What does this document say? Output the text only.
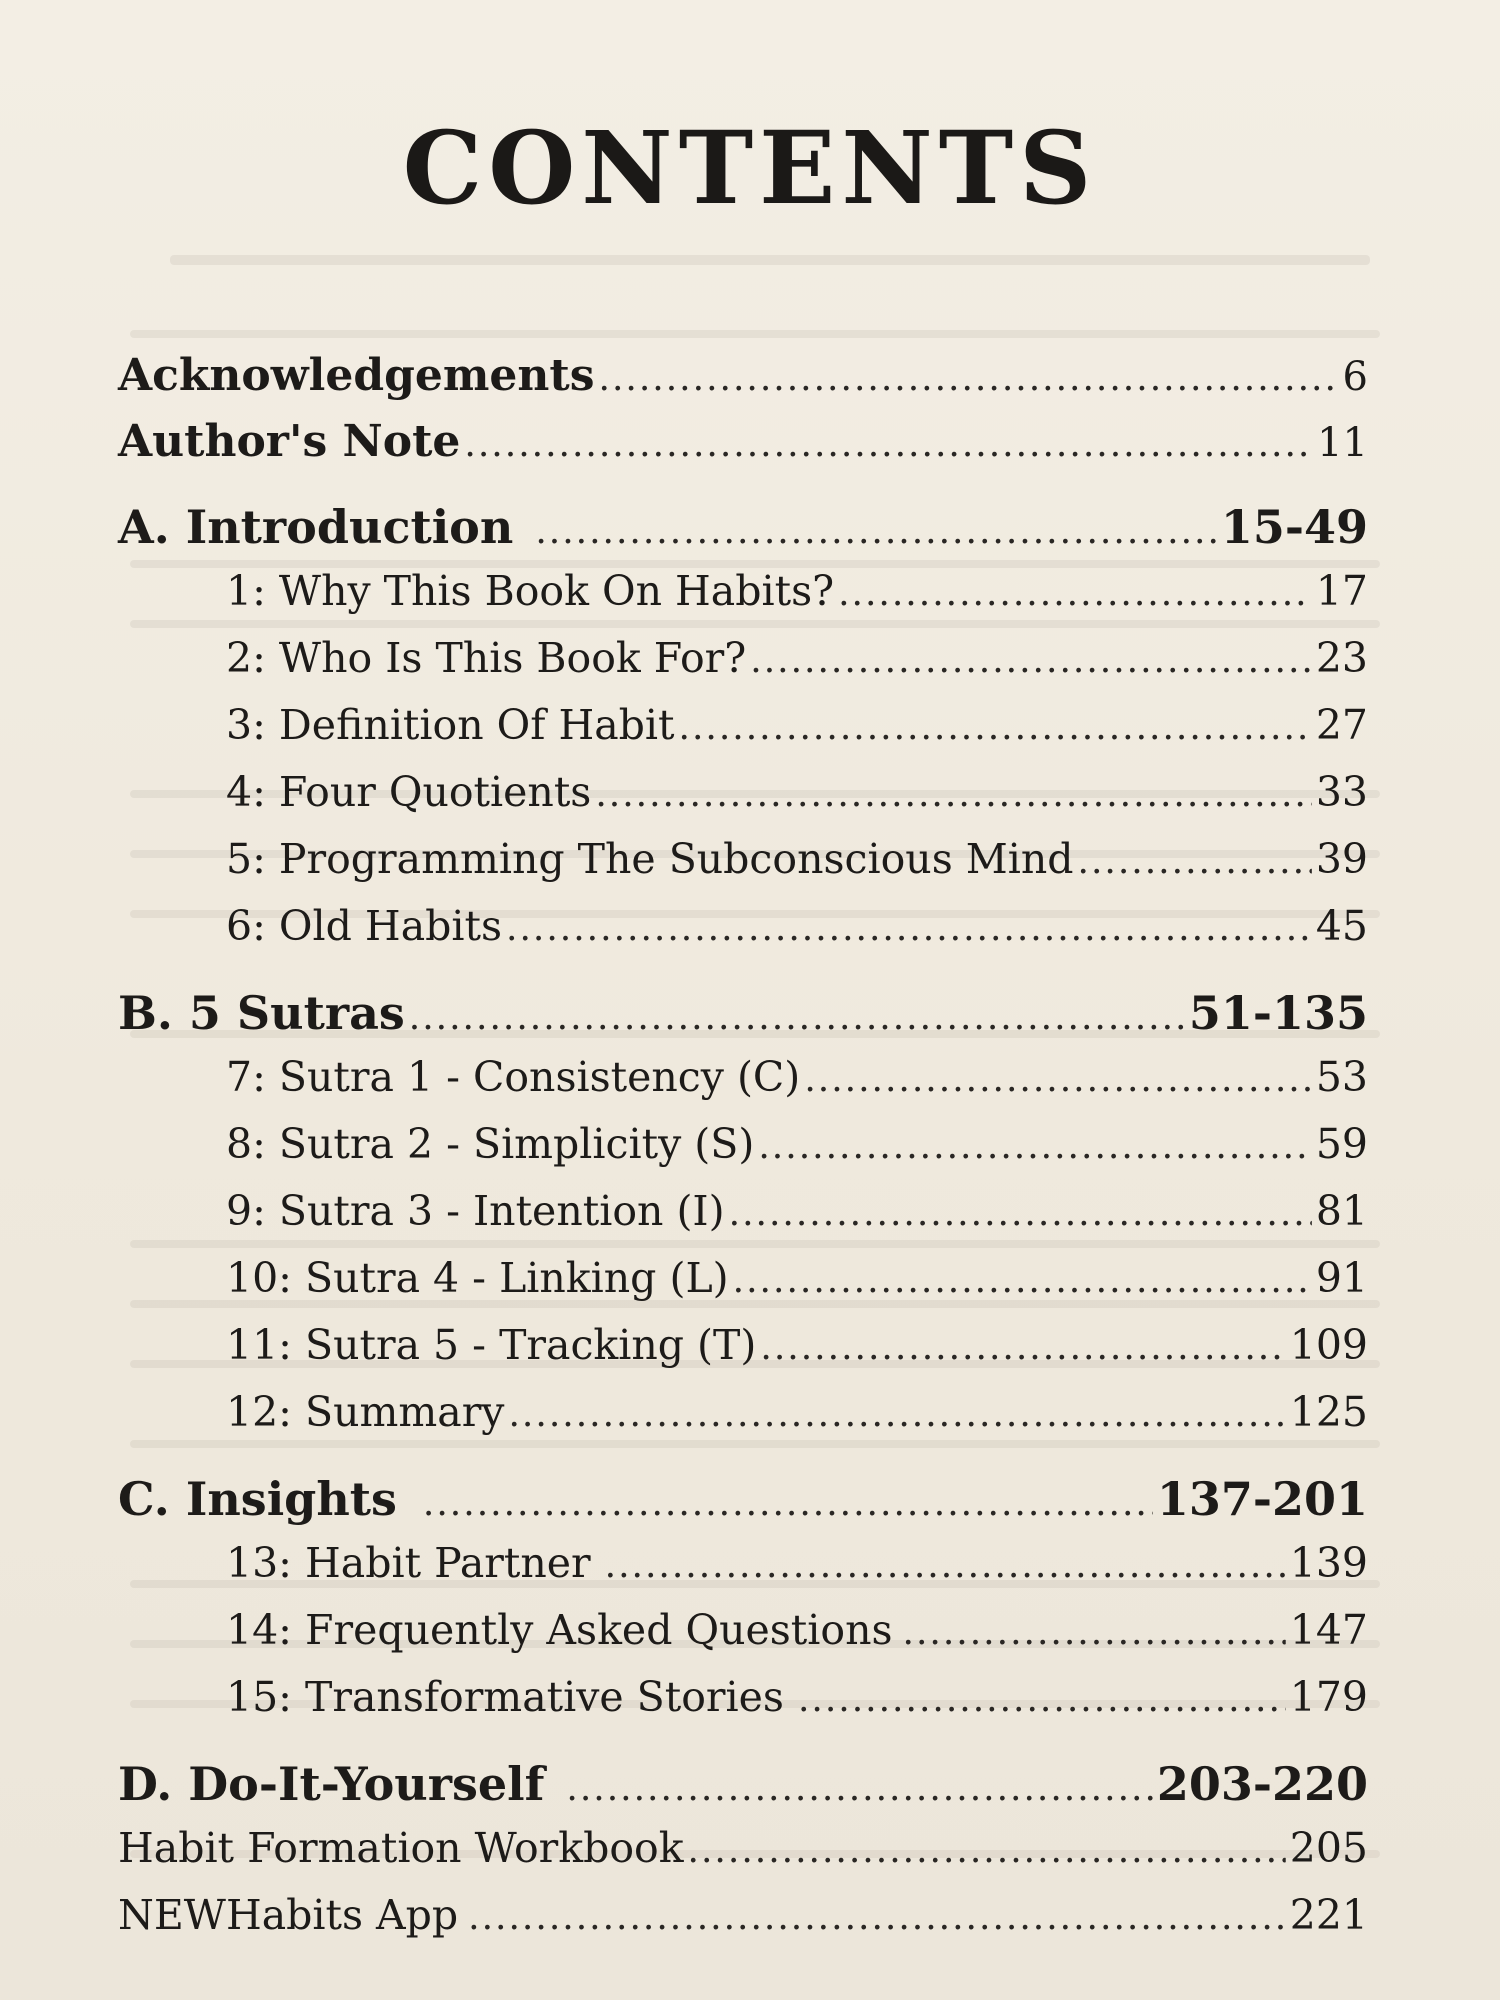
CONTENTS
Acknowledgements .....	6
Author's Note .....	11
A. Introduction .....	15-49
1: Why This Book On Habits? .....	17
2: Who Is This Book For? .....	23
3: Definition Of Habit .....	27
4: Four Quotients .....	33
5: Programming The Subconscious Mind .....	39
6: Old Habits .....	45
B. 5 Sutras .....	51-135
7: Sutra 1 - Consistency (C) .....	53
8: Sutra 2 - Simplicity (S) .....	59
9: Sutra 3 - Intention (I) .....	81
10: Sutra 4 - Linking (L) .....	91
11: Sutra 5 - Tracking (T) .....	109
12: Summary .....	125
C. Insights .....	137-201
13: Habit Partner .....	139
14: Frequently Asked Questions .....	147
15: Transformative Stories .....	179
D. Do-It-Yourself .....	203-220
Habit Formation Workbook .....	205
NEWHabits App .....	221
